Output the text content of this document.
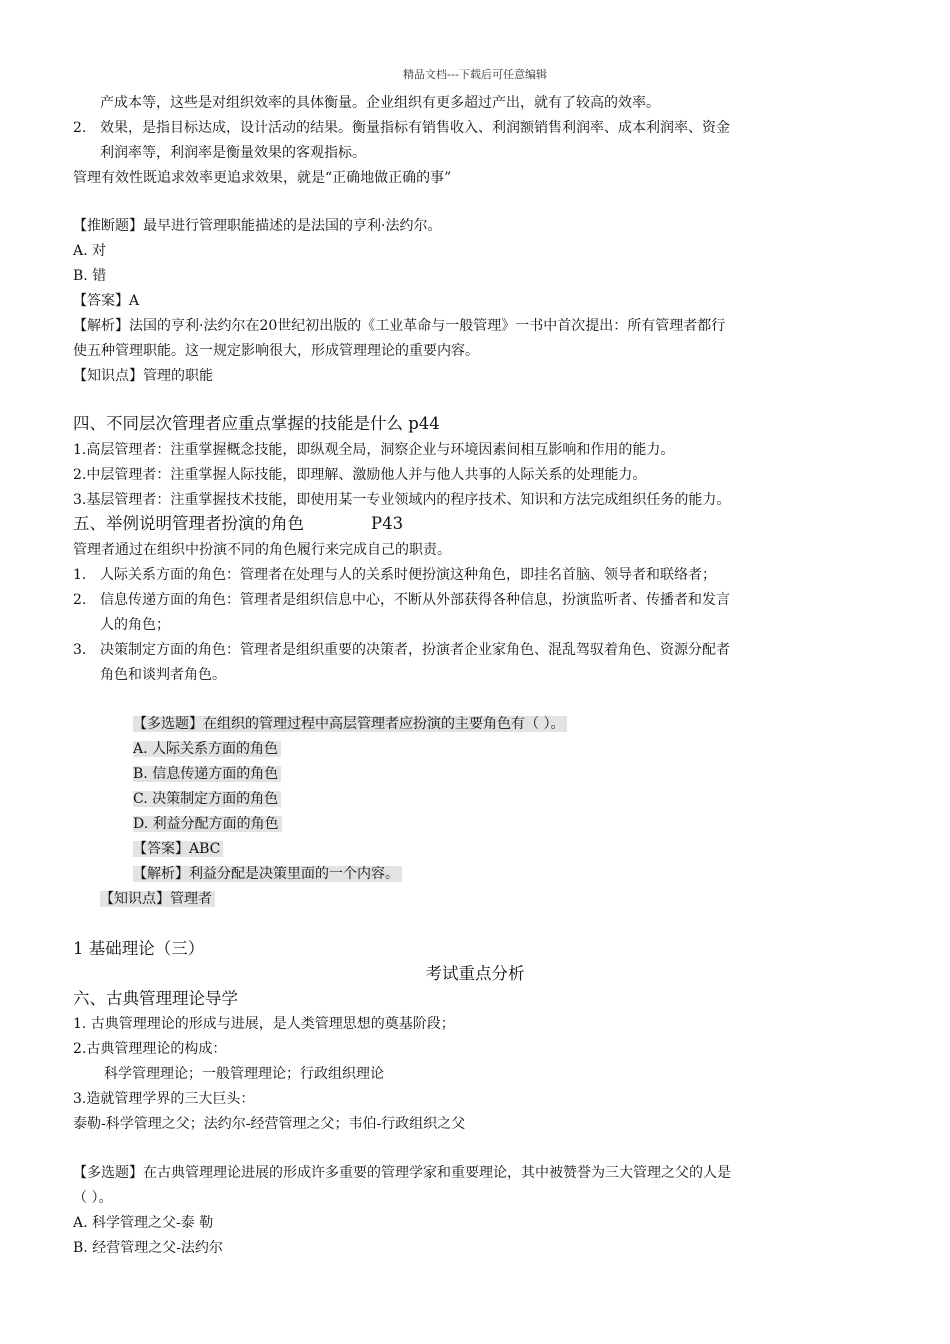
精品文档---下载后可任意编辑
产成本等，这些是对组织效率的具体衡量。企业组织有更多超过产出，就有了较高的效率。
2. 效果，是指目标达成，设计活动的结果。衡量指标有销售收入、利润额销售利润率、成本利润率、资金
利润率等，利润率是衡量效果的客观指标。
管理有效性既追求效率更追求效果，就是“正确地做正确的事”
【推断题】最早进行管理职能描述的是法国的亨利·法约尔。
A. 对
B. 错
【答案】A
【解析】法国的亨利·法约尔在20世纪初出版的《工业革命与一般管理》一书中首次提出：所有管理者都行
使五种管理职能。这一规定影响很大，形成管理理论的重要内容。
【知识点】管理的职能
四、不同层次管理者应重点掌握的技能是什么 p44
1.高层管理者：注重掌握概念技能，即纵观全局，洞察企业与环境因素间相互影响和作用的能力。
2.中层管理者：注重掌握人际技能，即理解、激励他人并与他人共事的人际关系的处理能力。
3.基层管理者：注重掌握技术技能，即使用某一专业领域内的程序技术、知识和方法完成组织任务的能力。
五、举例说明管理者扮演的角色	P43
管理者通过在组织中扮演不同的角色履行来完成自己的职责。
1. 人际关系方面的角色：管理者在处理与人的关系时便扮演这种角色，即挂名首脑、领导者和联络者；
2. 信息传递方面的角色：管理者是组织信息中心，不断从外部获得各种信息，扮演监听者、传播者和发言
人的角色；
3. 决策制定方面的角色：管理者是组织重要的决策者，扮演者企业家角色、混乱驾驭着角色、资源分配者
角色和谈判者角色。
【多选题】在组织的管理过程中高层管理者应扮演的主要角色有（ ）。
A. 人际关系方面的角色
B. 信息传递方面的角色
C. 决策制定方面的角色
D. 利益分配方面的角色
【答案】ABC
【解析】利益分配是决策里面的一个内容。
【知识点】管理者
1 基础理论（三）
考试重点分析
六、古典管理理论导学
1. 古典管理理论的形成与进展，是人类管理思想的奠基阶段；
2.古典管理理论的构成：
科学管理理论；一般管理理论；行政组织理论
3.造就管理学界的三大巨头：
泰勒-科学管理之父；法约尔-经营管理之父；韦伯-行政组织之父
【多选题】在古典管理理论进展的形成许多重要的管理学家和重要理论，其中被赞誉为三大管理之父的人是
（ ）。
A. 科学管理之父-泰 勒
B. 经营管理之父-法约尔
